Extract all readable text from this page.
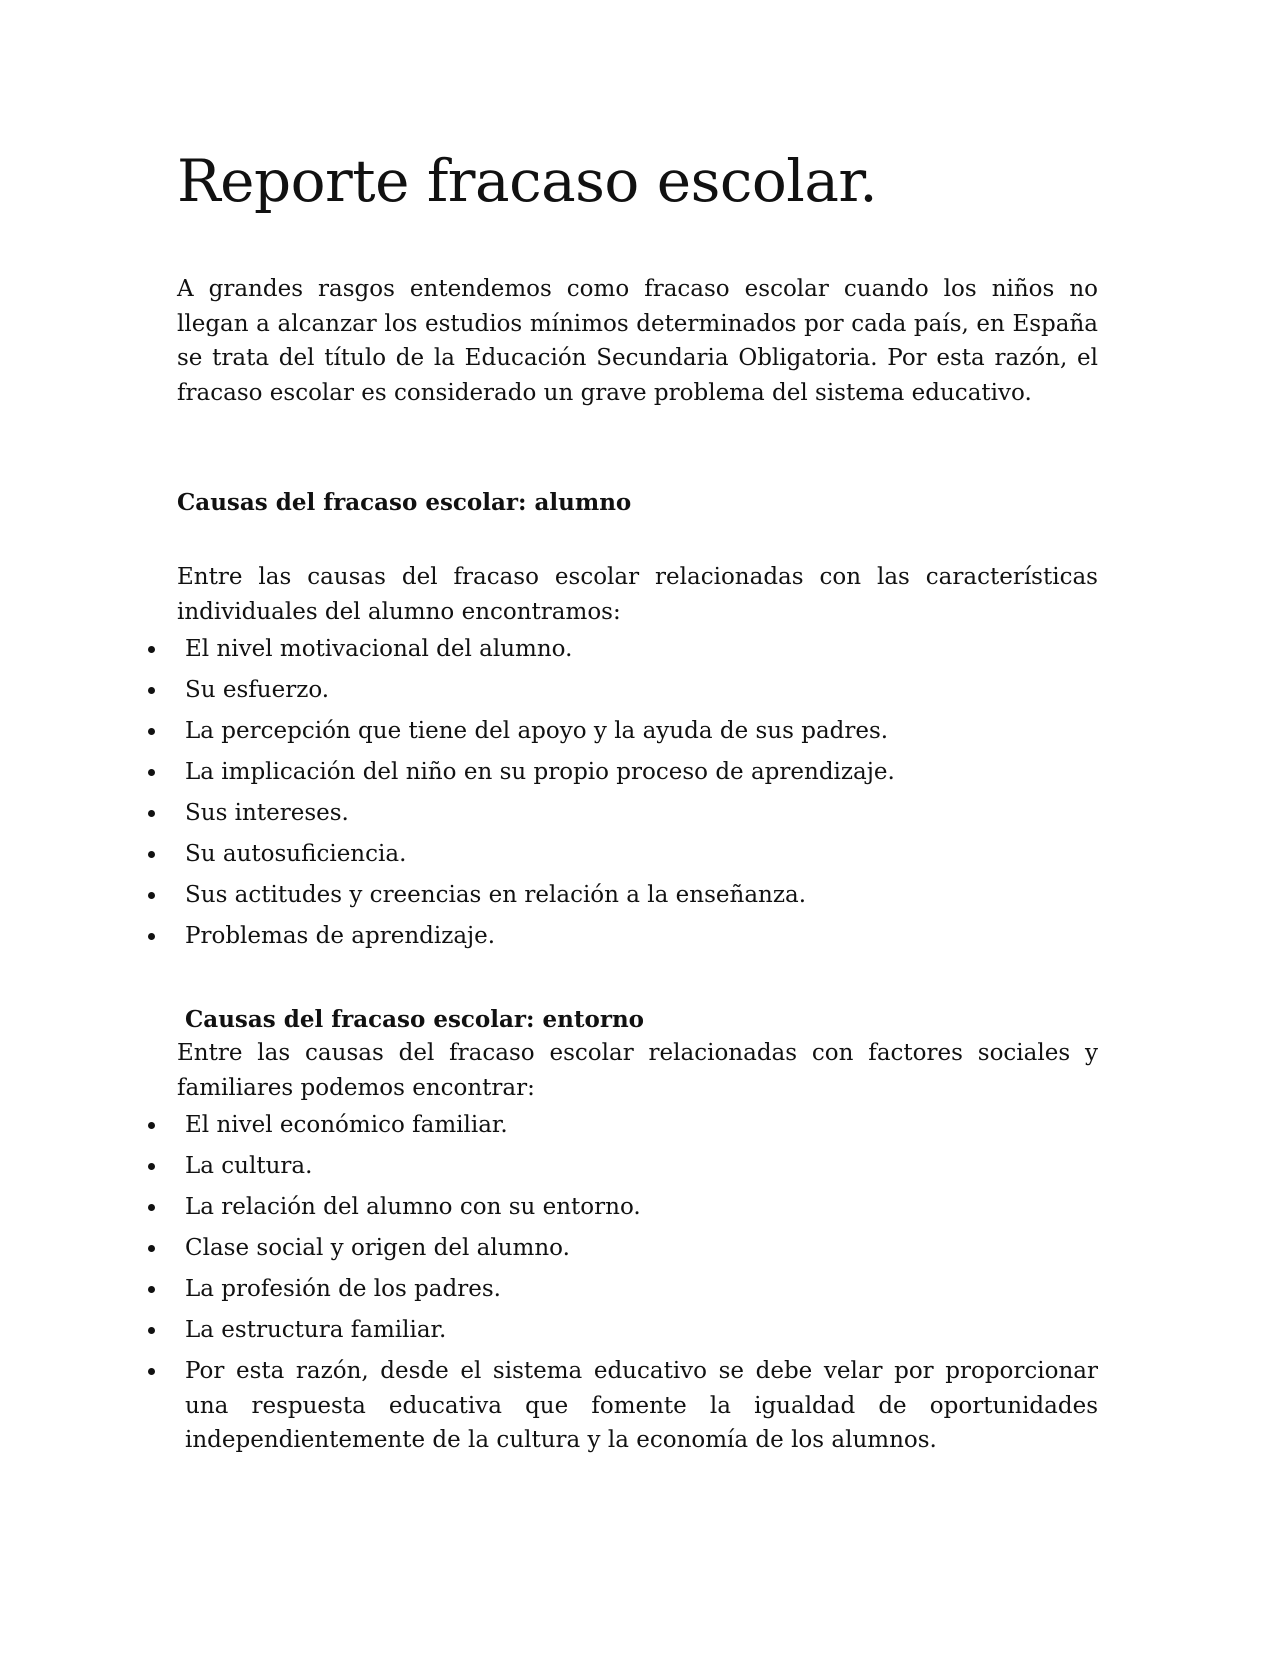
Reporte fracaso escolar.

A grandes rasgos entendemos como fracaso escolar cuando los niños no llegan a alcanzar los estudios mínimos determinados por cada país, en España se trata del título de la Educación Secundaria Obligatoria. Por esta razón, el fracaso escolar es considerado un grave problema del sistema educativo.

Causas del fracaso escolar: alumno

Entre las causas del fracaso escolar relacionadas con las características individuales del alumno encontramos:

El nivel motivacional del alumno.
Su esfuerzo.
La percepción que tiene del apoyo y la ayuda de sus padres.
La implicación del niño en su propio proceso de aprendizaje.
Sus intereses.
Su autosuficiencia.
Sus actitudes y creencias en relación a la enseñanza.
Problemas de aprendizaje.
Causas del fracaso escolar: entorno

Entre las causas del fracaso escolar relacionadas con factores sociales y familiares podemos encontrar:

El nivel económico familiar.
La cultura.
La relación del alumno con su entorno.
Clase social y origen del alumno.
La profesión de los padres.
La estructura familiar.
Por esta razón, desde el sistema educativo se debe velar por proporcionar una respuesta educativa que fomente la igualdad de oportunidades independientemente de la cultura y la economía de los alumnos.
